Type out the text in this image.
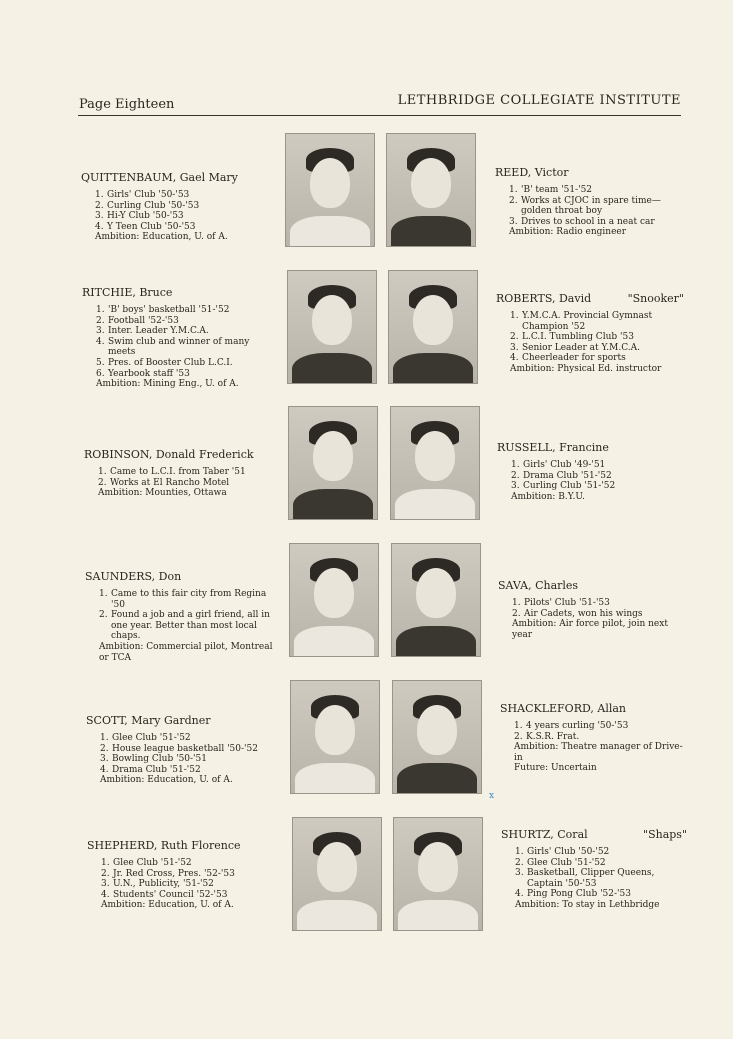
Page Eighteen	LETHBRIDGE COLLEGIATE INSTITUTE
QUITTENBAUM, Gael Mary
1. Girls' Club '50-'53
2. Curling Club '50-'53
3. Hi-Y Club '50-'53
4. Y Teen Club '50-'53
Ambition: Education, U. of A.
REED, Victor
1. 'B' team '51-'52
2. Works at CJOC in spare time— golden throat boy
3. Drives to school in a neat car
Ambition: Radio engineer
RITCHIE, Bruce
1. 'B' boys' basketball '51-'52
2. Football '52-'53
3. Inter. Leader Y.M.C.A.
4. Swim club and winner of many meets
5. Pres. of Booster Club L.C.I.
6. Yearbook staff '53
Ambition: Mining Eng., U. of A.
ROBERTS, David	"Snooker"
1. Y.M.C.A. Provincial Gymnast Champion '52
2. L.C.I. Tumbling Club '53
3. Senior Leader at Y.M.C.A.
4. Cheerleader for sports
Ambition: Physical Ed. instructor
ROBINSON, Donald Frederick
1. Came to L.C.I. from Taber '51
2. Works at El Rancho Motel
Ambition: Mounties, Ottawa
RUSSELL, Francine
1. Girls' Club '49-'51
2. Drama Club '51-'52
3. Curling Club '51-'52
Ambition: B.Y.U.
SAUNDERS, Don
1. Came to this fair city from Regina '50
2. Found a job and a girl friend, all in one year. Better than most local chaps.
Ambition: Commercial pilot, Montreal or TCA
SAVA, Charles
1. Pilots' Club '51-'53
2. Air Cadets, won his wings
Ambition: Air force pilot, join next year
SCOTT, Mary Gardner
1. Glee Club '51-'52
2. House league basketball '50-'52
3. Bowling Club '50-'51
4. Drama Club '51-'52
Ambition: Education, U. of A.
SHACKLEFORD, Allan
1. 4 years curling '50-'53
2. K.S.R. Frat.
Ambition: Theatre manager of Drive-in
Future: Uncertain
SHEPHERD, Ruth Florence
1. Glee Club '51-'52
2. Jr. Red Cross, Pres. '52-'53
3. U.N., Publicity, '51-'52
4. Students' Council '52-'53
Ambition: Education, U. of A.
SHURTZ, Coral	"Shaps"
1. Girls' Club '50-'52
2. Glee Club '51-'52
3. Basketball, Clipper Queens, Captain '50-'53
4. Ping Pong Club '52-'53
Ambition: To stay in Lethbridge
x
